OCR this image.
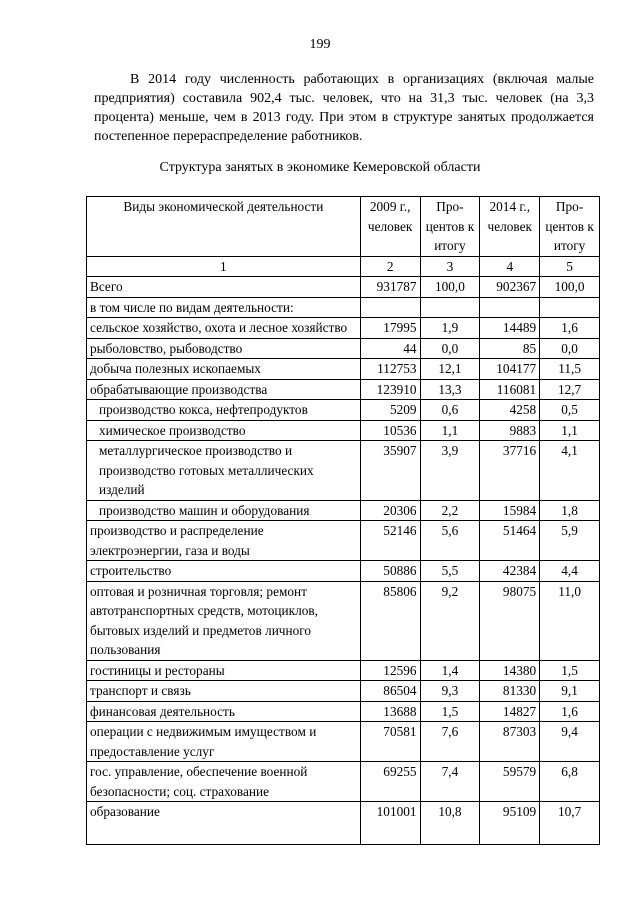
199

В 2014 году численность работающих в организациях (включая малые предприятия) составила 902,4 тыс. человек, что на 31,3 тыс. человек (на 3,3 процента) меньше, чем в 2013 году. При этом в структуре занятых продолжается постепенное перераспределение работников.

Структура занятых в экономике Кемеровской области
Виды экономической деятельности	2009 г., человек	Про-центов к итогу	2014 г., человек	Про-центов к итогу
1	2	3	4	5
Всего	931787	100,0	902367	100,0
в том числе по видам деятельности:				
сельское хозяйство, охота и лесное хозяйство	17995	1,9	14489	1,6
рыболовство, рыбоводство	44	0,0	85	0,0
добыча полезных ископаемых	112753	12,1	104177	11,5
обрабатывающие производства	123910	13,3	116081	12,7
производство кокса, нефтепродуктов	5209	0,6	4258	0,5
химическое производство	10536	1,1	9883	1,1
металлургическое производство и производство готовых металлических изделий	35907	3,9	37716	4,1
производство машин и оборудования	20306	2,2	15984	1,8
производство и распределение электроэнергии, газа и воды	52146	5,6	51464	5,9
строительство	50886	5,5	42384	4,4
оптовая и розничная торговля; ремонт автотранспортных средств, мотоциклов, бытовых изделий и предметов личного пользования	85806	9,2	98075	11,0
гостиницы и рестораны	12596	1,4	14380	1,5
транспорт и связь	86504	9,3	81330	9,1
финансовая деятельность	13688	1,5	14827	1,6
операции с недвижимым имуществом и предоставление услуг	70581	7,6	87303	9,4
гос. управление, обеспечение военной безопасности; соц. страхование	69255	7,4	59579	6,8
образование	101001	10,8	95109	10,7
